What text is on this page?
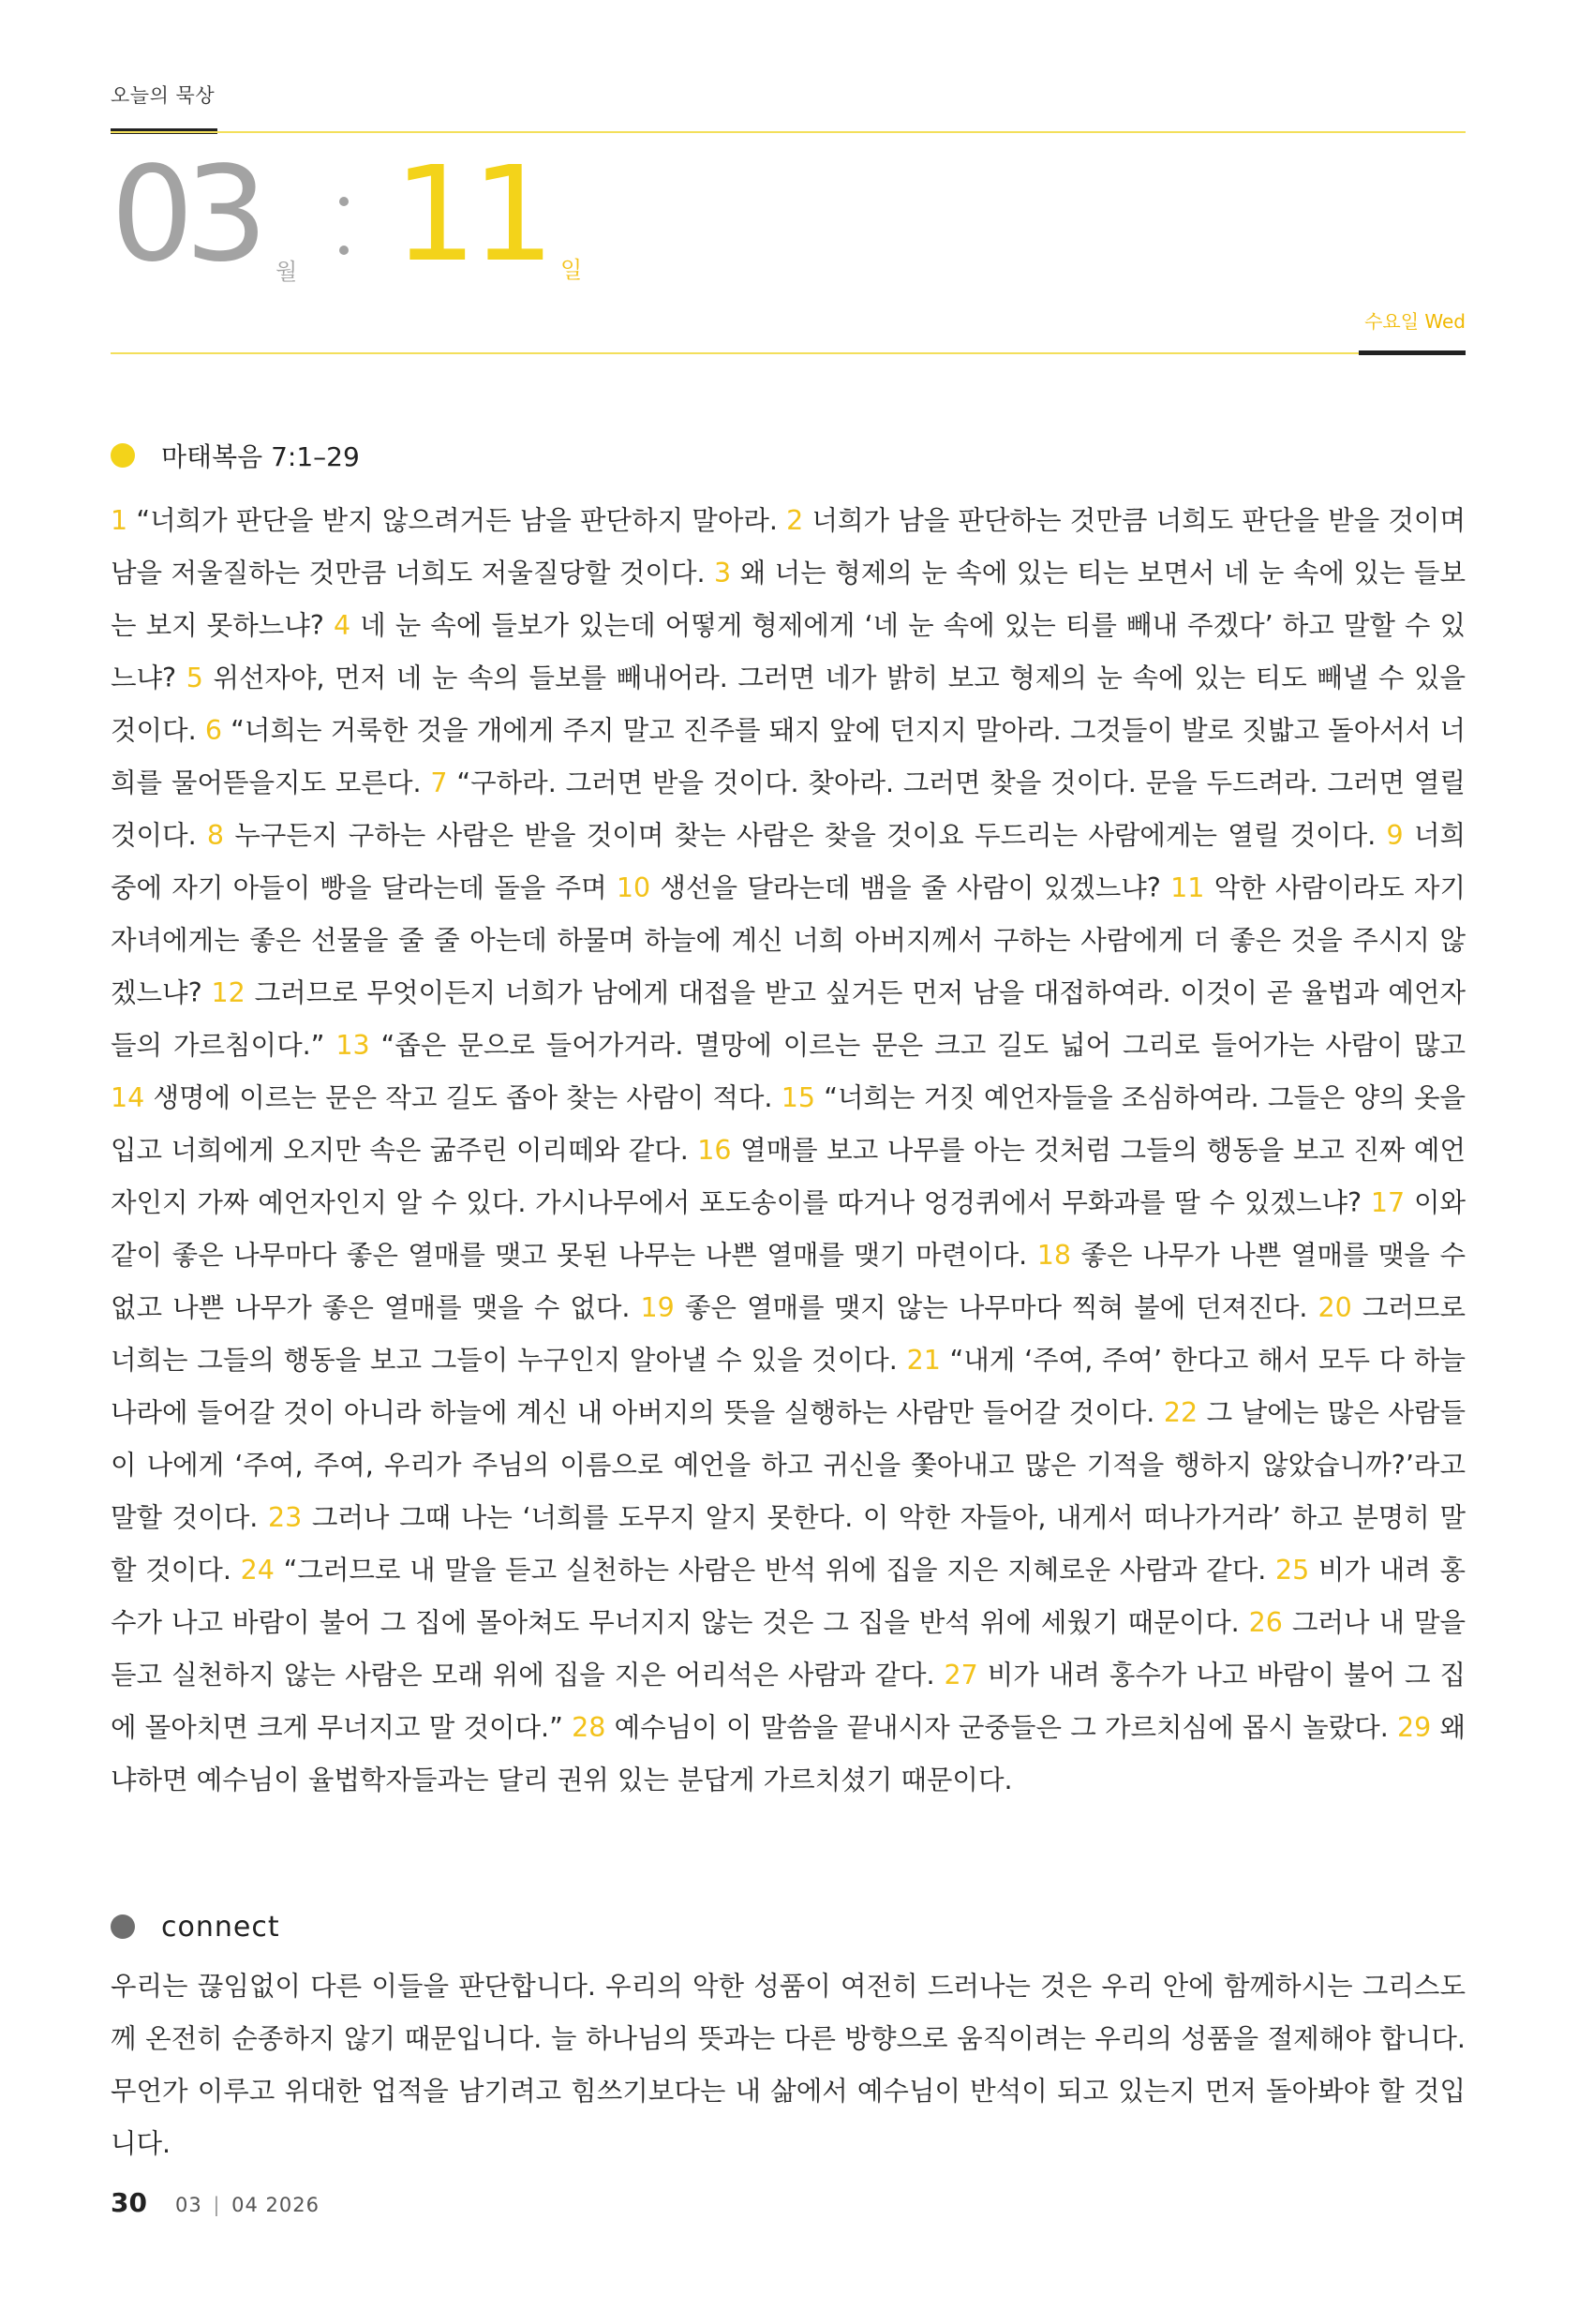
오늘의 묵상
03 월 11 일
수요일 Wed
마태복음 7:1–29
1 “너희가 판단을 받지 않으려거든 남을 판단하지 말아라. 2 너희가 남을 판단하는 것만큼 너희도 판단을 받을 것이며 남을 저울질하는 것만큼 너희도 저울질당할 것이다. 3 왜 너는 형제의 눈 속에 있는 티는 보면서 네 눈 속에 있는 들보는 보지 못하느냐? 4 네 눈 속에 들보가 있는데 어떻게 형제에게 ‘네 눈 속에 있는 티를 빼내 주겠다’ 하고 말할 수 있느냐? 5 위선자야, 먼저 네 눈 속의 들보를 빼내어라. 그러면 네가 밝히 보고 형제의 눈 속에 있는 티도 빼낼 수 있을 것이다. 6 “너희는 거룩한 것을 개에게 주지 말고 진주를 돼지 앞에 던지지 말아라. 그것들이 발로 짓밟고 돌아서서 너희를 물어뜯을지도 모른다. 7 “구하라. 그러면 받을 것이다. 찾아라. 그러면 찾을 것이다. 문을 두드려라. 그러면 열릴 것이다. 8 누구든지 구하는 사람은 받을 것이며 찾는 사람은 찾을 것이요 두드리는 사람에게는 열릴 것이다. 9 너희 중에 자기 아들이 빵을 달라는데 돌을 주며 10 생선을 달라는데 뱀을 줄 사람이 있겠느냐? 11 악한 사람이라도 자기 자녀에게는 좋은 선물을 줄 줄 아는데 하물며 하늘에 계신 너희 아버지께서 구하는 사람에게 더 좋은 것을 주시지 않겠느냐? 12 그러므로 무엇이든지 너희가 남에게 대접을 받고 싶거든 먼저 남을 대접하여라. 이것이 곧 율법과 예언자들의 가르침이다.” 13 “좁은 문으로 들어가거라. 멸망에 이르는 문은 크고 길도 넓어 그리로 들어가는 사람이 많고 14 생명에 이르는 문은 작고 길도 좁아 찾는 사람이 적다. 15 “너희는 거짓 예언자들을 조심하여라. 그들은 양의 옷을 입고 너희에게 오지만 속은 굶주린 이리떼와 같다. 16 열매를 보고 나무를 아는 것처럼 그들의 행동을 보고 진짜 예언자인지 가짜 예언자인지 알 수 있다. 가시나무에서 포도송이를 따거나 엉겅퀴에서 무화과를 딸 수 있겠느냐? 17 이와 같이 좋은 나무마다 좋은 열매를 맺고 못된 나무는 나쁜 열매를 맺기 마련이다. 18 좋은 나무가 나쁜 열매를 맺을 수 없고 나쁜 나무가 좋은 열매를 맺을 수 없다. 19 좋은 열매를 맺지 않는 나무마다 찍혀 불에 던져진다. 20 그러므로 너희는 그들의 행동을 보고 그들이 누구인지 알아낼 수 있을 것이다. 21 “내게 ‘주여, 주여’ 한다고 해서 모두 다 하늘 나라에 들어갈 것이 아니라 하늘에 계신 내 아버지의 뜻을 실행하는 사람만 들어갈 것이다. 22 그 날에는 많은 사람들이 나에게 ‘주여, 주여, 우리가 주님의 이름으로 예언을 하고 귀신을 쫓아내고 많은 기적을 행하지 않았습니까?’라고 말할 것이다. 23 그러나 그때 나는 ‘너희를 도무지 알지 못한다. 이 악한 자들아, 내게서 떠나가거라’ 하고 분명히 말할 것이다. 24 “그러므로 내 말을 듣고 실천하는 사람은 반석 위에 집을 지은 지혜로운 사람과 같다. 25 비가 내려 홍수가 나고 바람이 불어 그 집에 몰아쳐도 무너지지 않는 것은 그 집을 반석 위에 세웠기 때문이다. 26 그러나 내 말을 듣고 실천하지 않는 사람은 모래 위에 집을 지은 어리석은 사람과 같다. 27 비가 내려 홍수가 나고 바람이 불어 그 집에 몰아치면 크게 무너지고 말 것이다.” 28 예수님이 이 말씀을 끝내시자 군중들은 그 가르치심에 몹시 놀랐다. 29 왜냐하면 예수님이 율법학자들과는 달리 권위 있는 분답게 가르치셨기 때문이다.
connect
우리는 끊임없이 다른 이들을 판단합니다. 우리의 악한 성품이 여전히 드러나는 것은 우리 안에 함께하시는 그리스도께 온전히 순종하지 않기 때문입니다. 늘 하나님의 뜻과는 다른 방향으로 움직이려는 우리의 성품을 절제해야 합니다. 무언가 이루고 위대한 업적을 남기려고 힘쓰기보다는 내 삶에서 예수님이 반석이 되고 있는지 먼저 돌아봐야 할 것입니다.
30 03 | 04 2026
